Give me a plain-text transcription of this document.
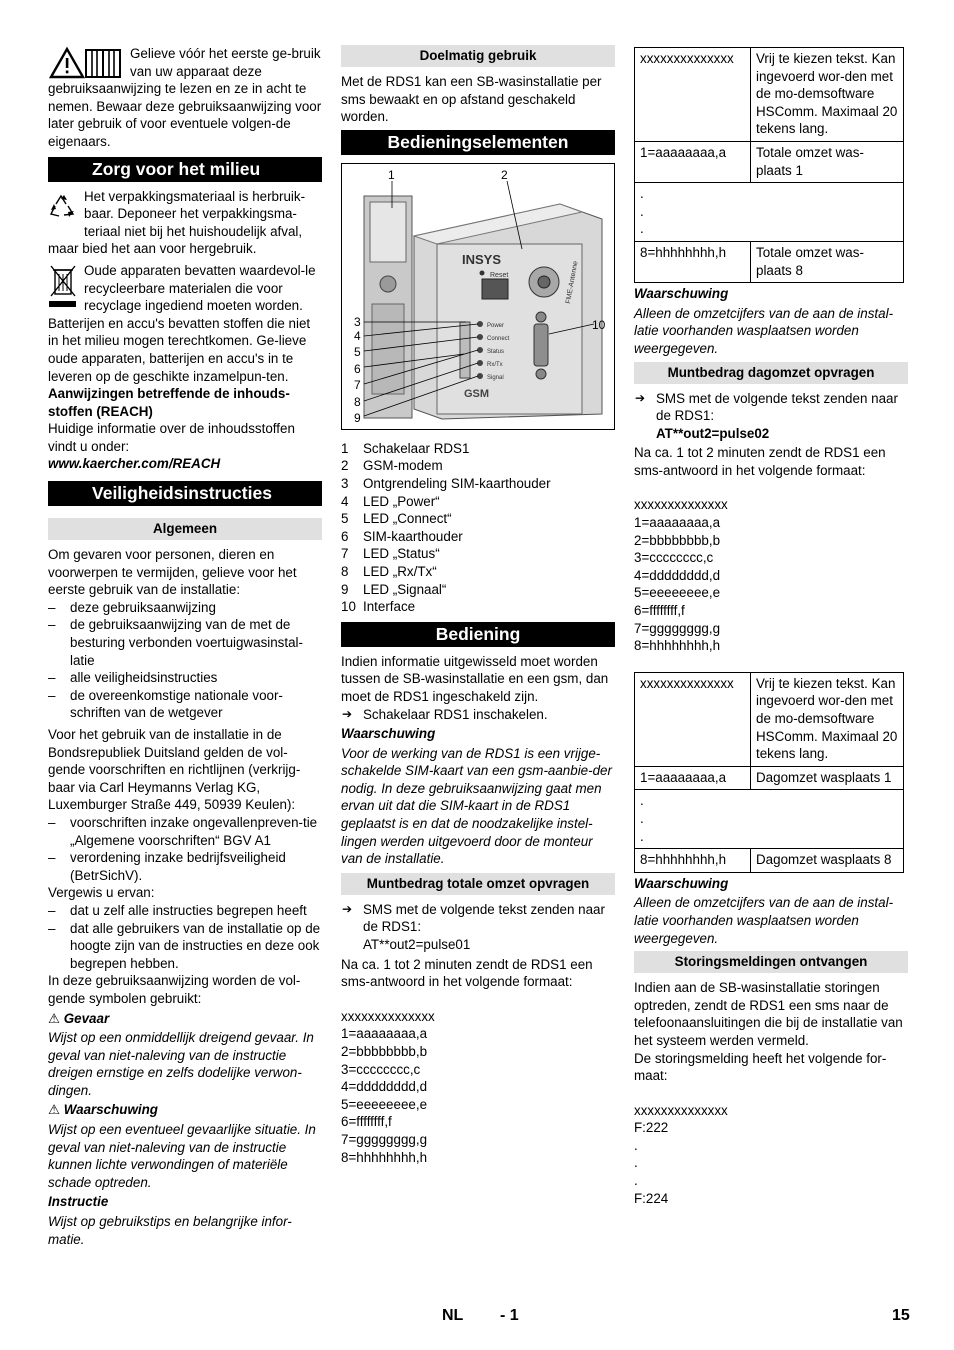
Gelieve vóór het eerste ge-bruik van uw apparaat deze gebruiksaanwijzing te lezen en ze in acht te nemen. Bewaar deze gebruiksaanwijzing voor later gebruik of voor eventuele volgen-de eigenaars.

Zorg voor het milieu

Het verpakkingsmateriaal is herbruik-baar. Deponeer het verpakkingsma-teriaal niet bij het huishoudelijk afval, maar bied het aan voor hergebruik.

Oude apparaten bevatten waardevol-le recycleerbare materialen die voor recyclage ingediend moeten worden. Batterijen en accu's bevatten stoffen die niet in het milieu mogen terechtkomen. Ge-lieve oude apparaten, batterijen en accu's in te leveren op de geschikte inzamelpun-ten.

Aanwijzingen betreffende de inhouds-stoffen (REACH)

Huidige informatie over de inhoudsstoffen vindt u onder:

www.kaercher.com/REACH

Veiligheidsinstructies
Algemeen

Om gevaren voor personen, dieren en voorwerpen te vermijden, gelieve voor het eerste gebruik van de installatie:

– deze gebruiksaanwijzing
– de gebruiksaanwijzing van de met de besturing verbonden voertuigwasinstal-latie
– alle veiligheidsinstructies
– de overeenkomstige nationale voor-schriften van de wetgever

Voor het gebruik van de installatie in de Bondsrepubliek Duitsland gelden de vol-gende voorschriften en richtlijnen (verkrijg-baar via Carl Heymanns Verlag KG, Luxemburger Straße 449, 50939 Keulen):

– voorschriften inzake ongevallenpreven-tie „Algemene voorschriften“ BGV A1
– verordening inzake bedrijfsveiligheid (BetrSichV).

Vergewis u ervan:

– dat u zelf alle instructies begrepen heeft
– dat alle gebruikers van de installatie op de hoogte zijn van de instructies en deze ook begrepen hebben.

In deze gebruiksaanwijzing worden de vol-gende symbolen gebruikt:

⚠ Gevaar

Wijst op een onmiddellijk dreigend gevaar. In geval van niet-naleving van de instructie dreigen ernstige en zelfs dodelijke verwon-dingen.

⚠ Waarschuwing

Wijst op een eventueel gevaarlijke situatie. In geval van niet-naleving van de instructie kunnen lichte verwondingen of materiële schade optreden.

Instructie

Wijst op gebruikstips en belangrijke infor-matie.

Doelmatig gebruik

Met de RDS1 kan een SB-wasinstallatie per sms bewaakt en op afstand geschakeld worden.

Bedieningselementen
INSYS
Reset	FME-Antenne
Power
Connect
Status
Rx/Tx
Signal
GSM
1	2
3
4
5
6
7
8
9
10
1 Schakelaar RDS1
2 GSM-modem
3 Ontgrendeling SIM-kaarthouder
4 LED „Power“
5 LED „Connect“
6 SIM-kaarthouder
7 LED „Status“
8 LED „Rx/Tx“
9 LED „Signaal“
10 Interface
Bediening

Indien informatie uitgewisseld moet worden tussen de SB-wasinstallatie en een gsm, dan moet de RDS1 ingeschakeld zijn.

➔ Schakelaar RDS1 inschakelen.

Waarschuwing

Voor de werking van de RDS1 is een vrijge-schakelde SIM-kaart van een gsm-aanbie-der nodig. In deze gebruiksaanwijzing gaat men ervan uit dat die SIM-kaart in de RDS1 geplaatst is en dat de noodzakelijke instel-lingen werden uitgevoerd door de monteur van de installatie.

Muntbedrag totale omzet opvragen

➔ SMS met de volgende tekst zenden naar de RDS1:

AT**out2=pulse01

Na ca. 1 tot 2 minuten zendt de RDS1 een sms-antwoord in het volgende formaat:

xxxxxxxxxxxxxx

1=aaaaaaaa,a

2=bbbbbbbb,b

3=cccccccc,c

4=dddddddd,d

5=eeeeeeee,e

6=ffffffff,f

7=gggggggg,g

8=hhhhhhhh,h

xxxxxxxxxxxxxx	Vrij te kiezen tekst. Kan ingevoerd wor-den met de mo-demsoftware HSComm. Maximaal 20 tekens lang.
1=aaaaaaaa,a	Totale omzet was-plaats 1
.
.
.	
8=hhhhhhhh,h	Totale omzet was-plaats 8

Waarschuwing

Alleen de omzetcijfers van de aan de instal-latie voorhanden wasplaatsen worden weergegeven.

Muntbedrag dagomzet opvragen

➔ SMS met de volgende tekst zenden naar de RDS1:

AT**out2=pulse02

Na ca. 1 tot 2 minuten zendt de RDS1 een sms-antwoord in het volgende formaat:

xxxxxxxxxxxxxx

1=aaaaaaaa,a

2=bbbbbbbb,b

3=cccccccc,c

4=dddddddd,d

5=eeeeeeee,e

6=ffffffff,f

7=gggggggg,g

8=hhhhhhhh,h

xxxxxxxxxxxxxx	Vrij te kiezen tekst. Kan ingevoerd wor-den met de mo-demsoftware HSComm. Maximaal 20 tekens lang.
1=aaaaaaaa,a	Dagomzet wasplaats 1
.
.
.	
8=hhhhhhhh,h	Dagomzet wasplaats 8

Waarschuwing

Alleen de omzetcijfers van de aan de instal-latie voorhanden wasplaatsen worden weergegeven.

Storingsmeldingen ontvangen

Indien aan de SB-wasinstallatie storingen optreden, zendt de RDS1 een sms naar de telefoonaansluitingen die bij de installatie van het systeem werden vermeld.

De storingsmelding heeft het volgende for-maat:

xxxxxxxxxxxxxx

F:222

.

.

.

F:224

NL - 1	15
